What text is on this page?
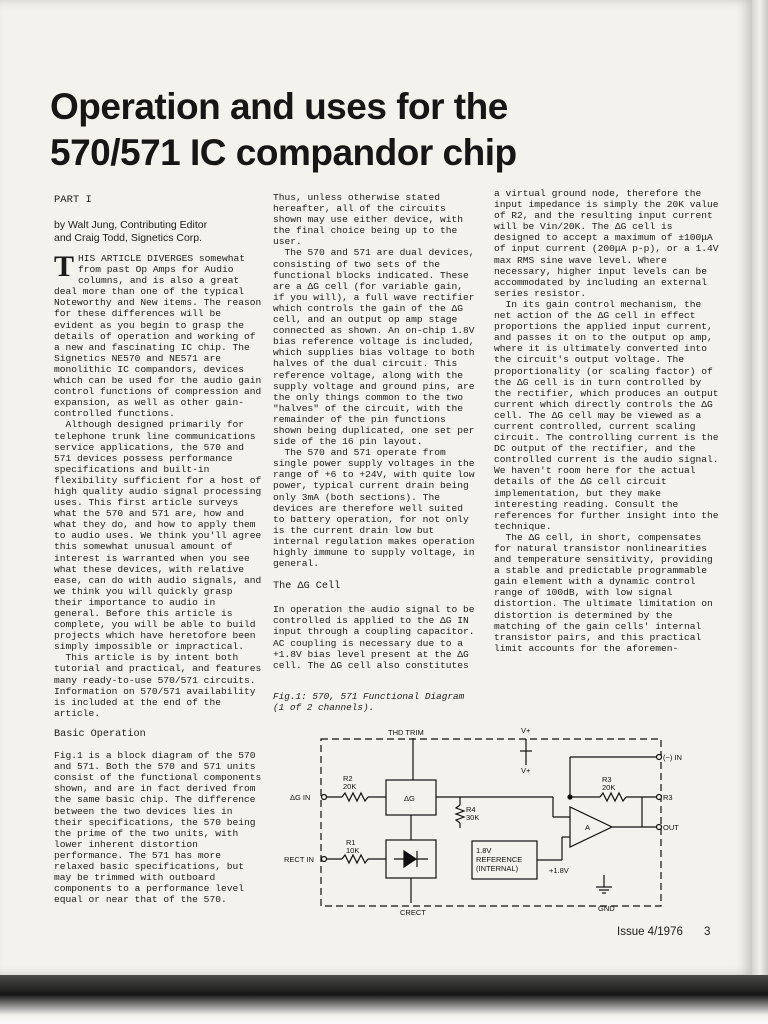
Operation and uses for the
570/571 IC compandor chip
PART I
by Walt Jung, Contributing Editor
and Craig Todd, Signetics Corp.

THIS ARTICLE DIVERGES somewhat from past Op Amps for Audio columns, and is also a great deal more than one of the typical Noteworthy and New items. The reason for these differences will be evident as you begin to grasp the details of operation and working of a new and fascinating IC chip. The Signetics NE570 and NE571 are monolithic IC compandors, devices which can be used for the audio gain control functions of compression and expansion, as well as other gain-controlled functions.

Although designed primarily for telephone trunk line communications service applications, the 570 and 571 devices possess performance specifications and built-in flexibility sufficient for a host of high quality audio signal processing uses. This first article surveys what the 570 and 571 are, how and what they do, and how to apply them to audio uses. We think you'll agree this somewhat unusual amount of interest is warranted when you see what these devices, with relative ease, can do with audio signals, and we think you will quickly grasp their importance to audio in general. Before this article is complete, you will be able to build projects which have heretofore been simply impossible or impractical.

This article is by intent both tutorial and practical, and features many ready-to-use 570/571 circuits. Information on 570/571 availability is included at the end of the article.

Basic Operation

Fig.1 is a block diagram of the 570 and 571. Both the 570 and 571 units consist of the functional components shown, and are in fact derived from the same basic chip. The difference between the two devices lies in their specifications, the 570 being the prime of the two units, with lower inherent distortion performance. The 571 has more relaxed basic specifications, but may be trimmed with outboard components to a performance level equal or near that of the 570.

Thus, unless otherwise stated hereafter, all of the circuits shown may use either device, with the final choice being up to the user.

The 570 and 571 are dual devices, consisting of two sets of the functional blocks indicated. These are a ΔG cell (for variable gain, if you will), a full wave rectifier which controls the gain of the ΔG cell, and an output op amp stage connected as shown. An on-chip 1.8V bias reference voltage is included, which supplies bias voltage to both halves of the dual circuit. This reference voltage, along with the supply voltage and ground pins, are the only things common to the two "halves" of the circuit, with the remainder of the pin functions shown being duplicated, one set per side of the 16 pin layout.

The 570 and 571 operate from single power supply voltages in the range of +6 to +24V, with quite low power, typical current drain being only 3mA (both sections). The devices are therefore well suited to battery operation, for not only is the current drain low but internal regulation makes operation highly immune to supply voltage, in general.

The ΔG Cell

In operation the audio signal to be controlled is applied to the ΔG IN input through a coupling capacitor. AC coupling is necessary due to a +1.8V bias level present at the ΔG cell. The ΔG cell also constitutes

Fig.1: 570, 571 Functional Diagram (1 of 2 channels).

a virtual ground node, therefore the input impedance is simply the 20K value of R2, and the resulting input current will be Vin/20K. The ΔG cell is designed to accept a maximum of ±100μA of input current (200μA p-p), or a 1.4V max RMS sine wave level. Where necessary, higher input levels can be accommodated by including an external series resistor.

In its gain control mechanism, the net action of the ΔG cell in effect proportions the applied input current, and passes it on to the output op amp, where it is ultimately converted into the circuit's output voltage. The proportionality (or scaling factor) of the ΔG cell is in turn controlled by the rectifier, which produces an output current which directly controls the ΔG cell. The ΔG cell may be viewed as a current controlled, current scaling circuit. The controlling current is the DC output of the rectifier, and the controlled current is the audio signal. We haven't room here for the actual details of the ΔG cell circuit implementation, but they make interesting reading. Consult the references for further insight into the technique.

The ΔG cell, in short, compensates for natural transistor nonlinearities and temperature sensitivity, providing a stable and predictable programmable gain element with a dynamic control range of 100dB, with low signal distortion. The ultimate limitation on distortion is determined by the matching of the gain cells' internal transistor pairs, and this practical limit accounts for the aforemen-

THD TRIM	V+
V+
(−) IN
R3
20K
R3
R2
20K
ΔG IN	ΔG
R4
30K
A	OUT
R1
10K
RECT IN
1.8V
REFERENCE
(INTERNAL)	+1.8V
GND
CRECT
Issue 4/1976 3
